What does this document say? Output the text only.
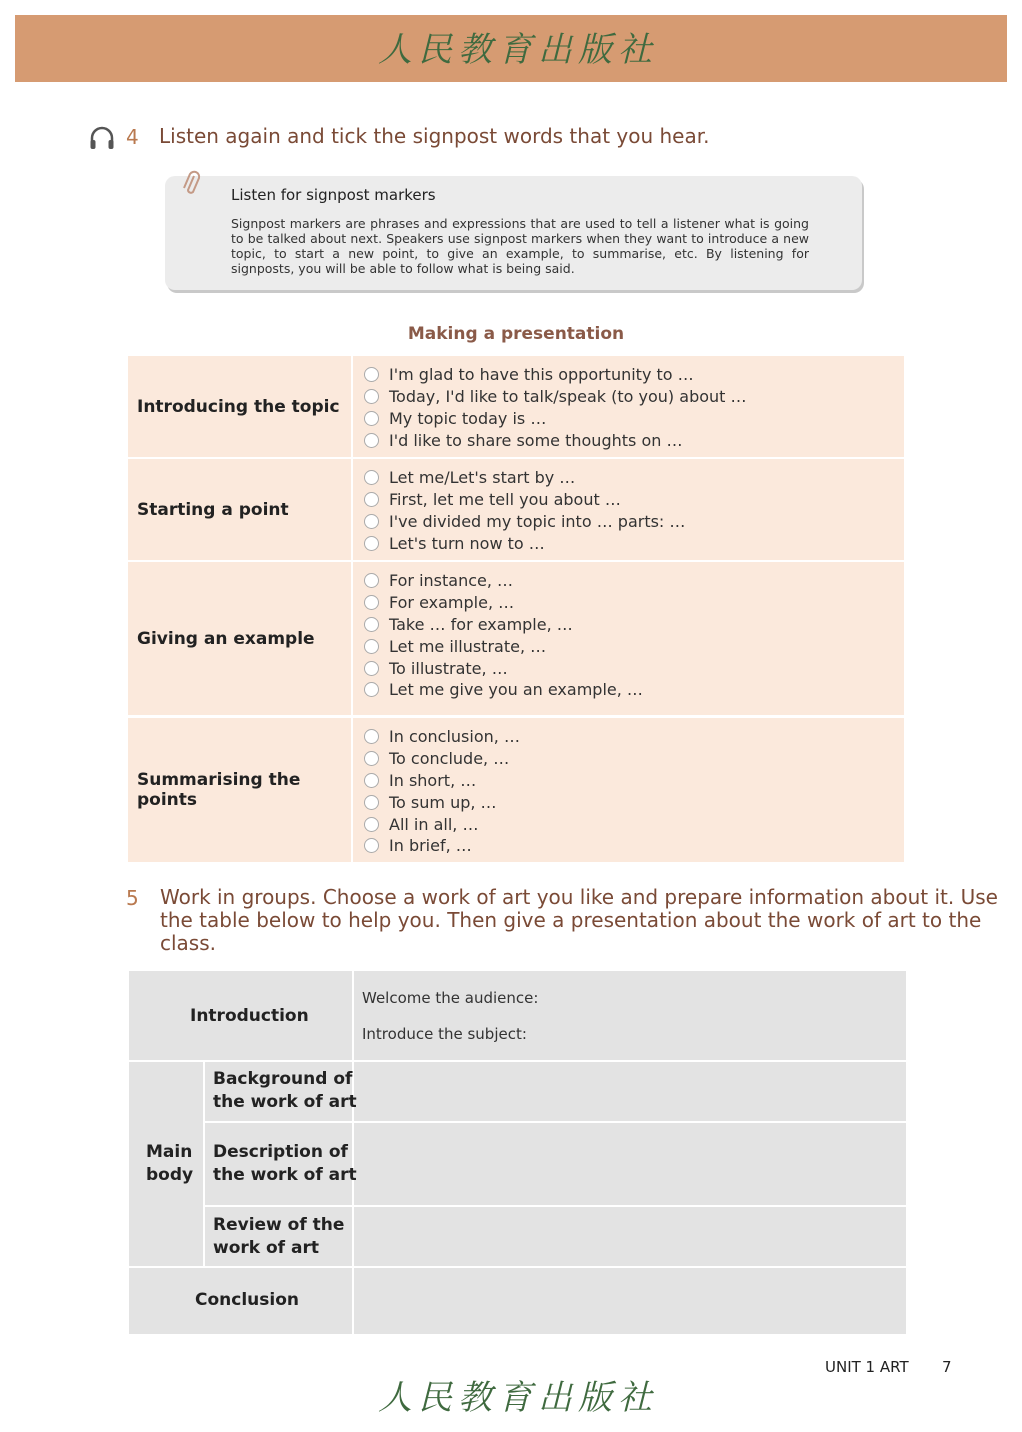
人民教育出版社
4 Listen again and tick the signpost words that you hear.
Listen for signpost markers
Signpost markers are phrases and expressions that are used to tell a listener what is going to be talked about next. Speakers use signpost markers when they want to introduce a new topic, to start a new point, to give an example, to summarise, etc. By listening for signposts, you will be able to follow what is being said.
Making a presentation
Introducing the topic
I'm glad to have this opportunity to …
Today, I'd like to talk/speak (to you) about …
My topic today is …
I'd like to share some thoughts on …
Starting a point
Let me/Let's start by …
First, let me tell you about …
I've divided my topic into … parts: …
Let's turn now to …
Giving an example
For instance, …
For example, …
Take … for example, …
Let me illustrate, …
To illustrate, …
Let me give you an example, …
Summarising the points
In conclusion, …
To conclude, …
In short, …
To sum up, …
All in all, …
In brief, …
5 Work in groups. Choose a work of art you like and prepare information about it. Use
the table below to help you. Then give a presentation about the work of art to the
class.
Introduction
Welcome the audience:
Introduce the subject:
Main
body
Background of
the work of art
Description of
the work of art
Review of the
work of art
Conclusion
UNIT 1 ART 7
人民教育出版社
